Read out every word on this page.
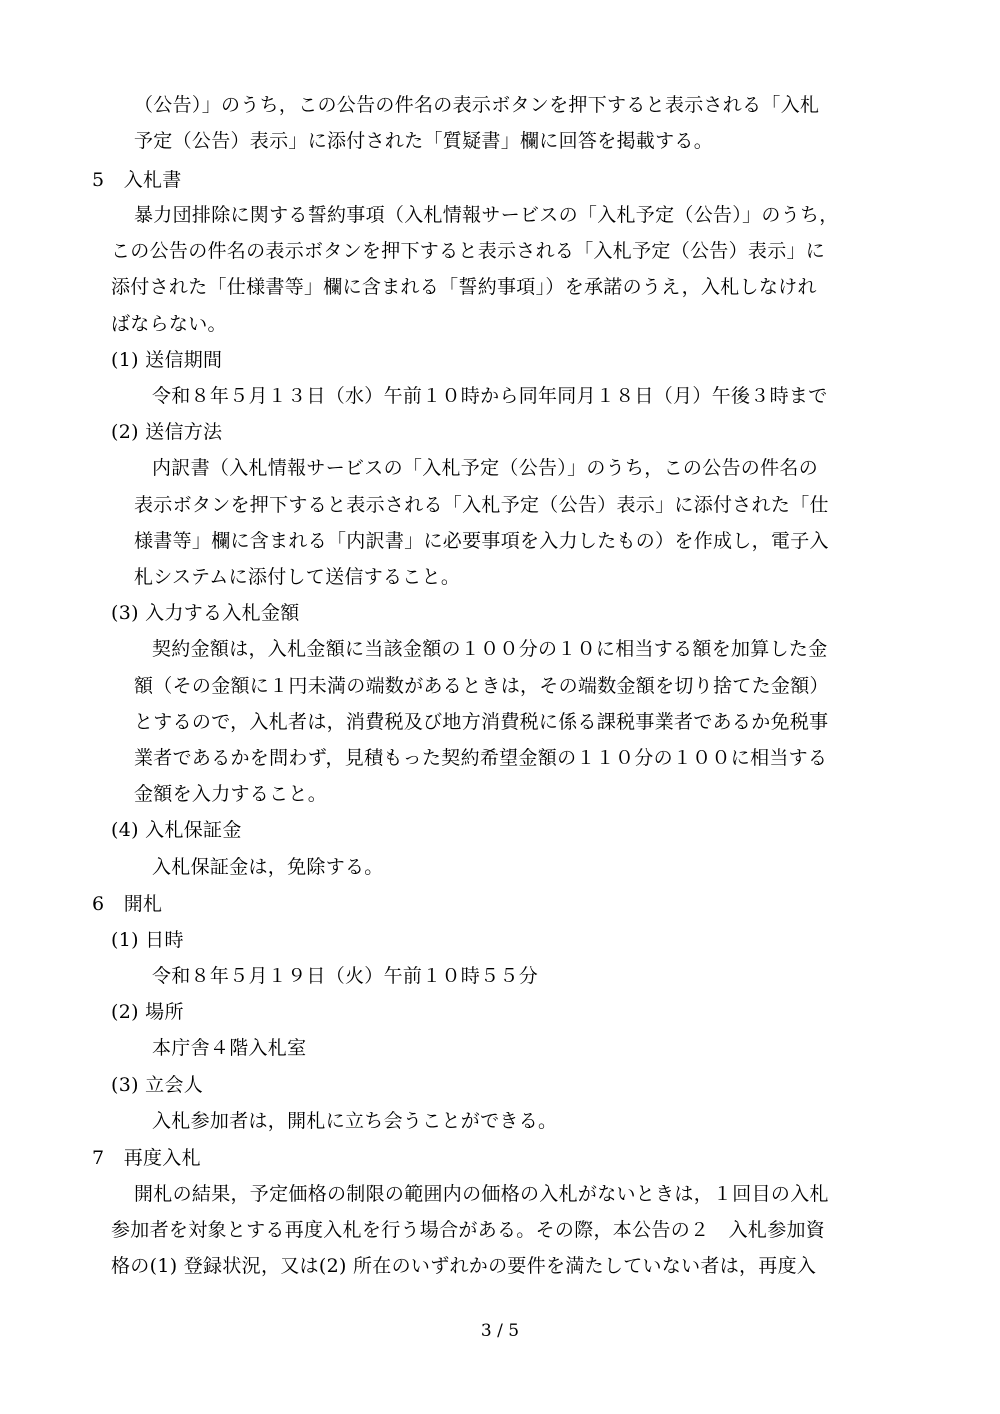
（公告）」のうち，この公告の件名の表示ボタンを押下すると表示される「入札
予定（公告）表示」に添付された「質疑書」欄に回答を掲載する。
5　入札書
暴力団排除に関する誓約事項（入札情報サービスの「入札予定（公告）」のうち，
この公告の件名の表示ボタンを押下すると表示される「入札予定（公告）表示」に
添付された「仕様書等」欄に含まれる「誓約事項」）を承諾のうえ，入札しなけれ
ばならない。
(1) 送信期間
令和８年５月１３日（水）午前１０時から同年同月１８日（月）午後３時まで
(2) 送信方法
内訳書（入札情報サービスの「入札予定（公告）」のうち，この公告の件名の
表示ボタンを押下すると表示される「入札予定（公告）表示」に添付された「仕
様書等」欄に含まれる「内訳書」に必要事項を入力したもの）を作成し，電子入
札システムに添付して送信すること。
(3) 入力する入札金額
契約金額は，入札金額に当該金額の１００分の１０に相当する額を加算した金
額（その金額に１円未満の端数があるときは，その端数金額を切り捨てた金額）
とするので，入札者は，消費税及び地方消費税に係る課税事業者であるか免税事
業者であるかを問わず，見積もった契約希望金額の１１０分の１００に相当する
金額を入力すること。
(4) 入札保証金
入札保証金は，免除する。
6　開札
(1) 日時
令和８年５月１９日（火）午前１０時５５分
(2) 場所
本庁舎４階入札室
(3) 立会人
入札参加者は，開札に立ち会うことができる。
7　再度入札
開札の結果，予定価格の制限の範囲内の価格の入札がないときは，１回目の入札
参加者を対象とする再度入札を行う場合がある。その際，本公告の２　入札参加資
格の(1) 登録状況，又は(2) 所在のいずれかの要件を満たしていない者は，再度入
3 / 5
